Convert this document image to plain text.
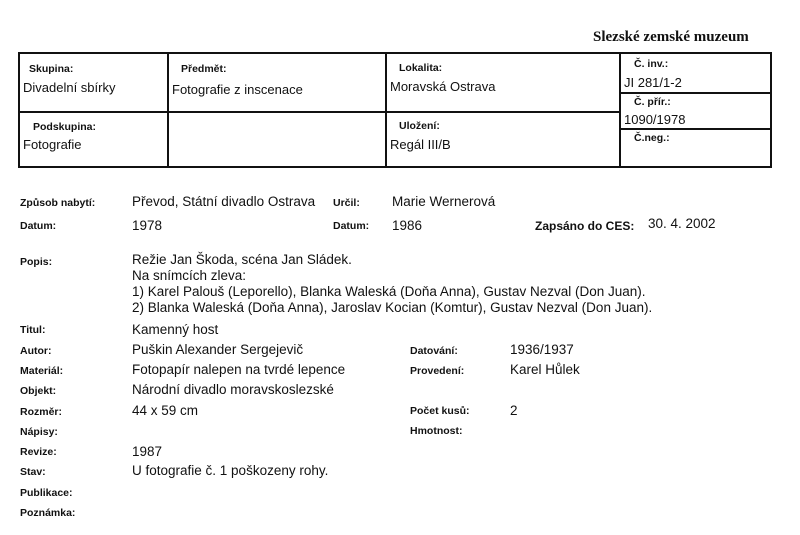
Slezské zemské muzeum
Skupina:
Divadelní sbírky
Předmět:
Fotografie z inscenace
Lokalita:
Moravská Ostrava
Č. inv.:
JI 281/1-2
Č. přír.:
1090/1978
Č.neg.:
Podskupina:
Fotografie
Uložení:
Regál III/B
Způsob nabytí:	Převod, Státní divadlo Ostrava Určil: Marie Wernerová
Datum:	1978	Datum: 1986	Zapsáno do CES: 30. 4. 2002
Popis:	Režie Jan Škoda, scéna Jan Sládek.
Na snímcích zleva:
1) Karel Palouš (Leporello), Blanka Waleská (Doňa Anna), Gustav Nezval (Don Juan).
2) Blanka Waleská (Doňa Anna), Jaroslav Kocian (Komtur), Gustav Nezval (Don Juan).
Titul:	Kamenný host
Autor:	Puškin Alexander Sergejevič	Datování:	1936/1937
Materiál:	Fotopapír nalepen na tvrdé lepence	Provedení:	Karel Hůlek
Objekt:	Národní divadlo moravskoslezské
Rozměr:	44 x 59 cm	Počet kusů:	2
Nápisy:	Hmotnost:
Revize:	1987
Stav:	U fotografie č. 1 poškozeny rohy.
Publikace:
Poznámka:
